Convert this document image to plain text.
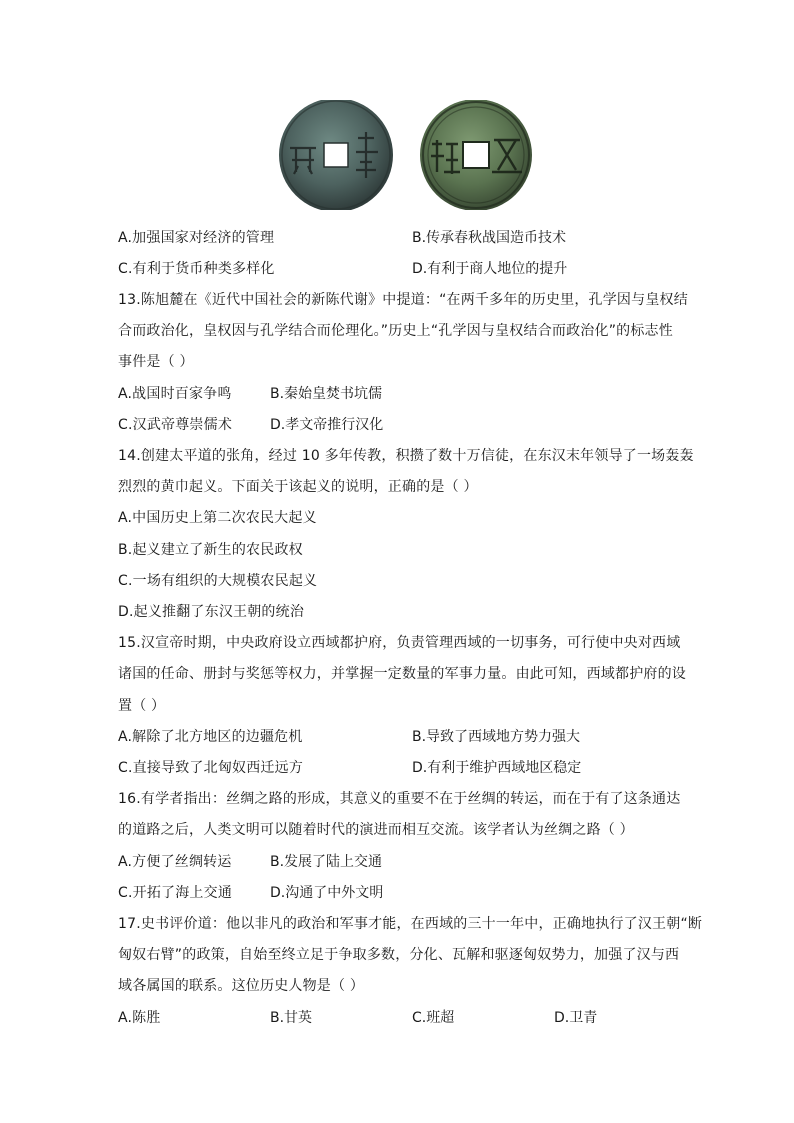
A.加强国家对经济的管理	B.传承春秋战国造币技术
C.有利于货币种类多样化	D.有利于商人地位的提升
13.陈旭麓在《近代中国社会的新陈代谢》中提道：“在两千多年的历史里，孔学因与皇权结
合而政治化，皇权因与孔学结合而伦理化。”历史上“孔学因与皇权结合而政治化”的标志性
事件是（ ）
A.战国时百家争鸣	B.秦始皇焚书坑儒
C.汉武帝尊崇儒术	D.孝文帝推行汉化
14.创建太平道的张角，经过 10 多年传教，积攒了数十万信徒，在东汉末年领导了一场轰轰
烈烈的黄巾起义。下面关于该起义的说明，正确的是（ ）
A.中国历史上第二次农民大起义
B.起义建立了新生的农民政权
C.一场有组织的大规模农民起义
D.起义推翻了东汉王朝的统治
15.汉宣帝时期，中央政府设立西域都护府，负责管理西域的一切事务，可行使中央对西域
诸国的任命、册封与奖惩等权力，并掌握一定数量的军事力量。由此可知，西域都护府的设
置（ ）
A.解除了北方地区的边疆危机	B.导致了西域地方势力强大
C.直接导致了北匈奴西迁远方	D.有利于维护西域地区稳定
16.有学者指出：丝绸之路的形成，其意义的重要不在于丝绸的转运，而在于有了这条通达
的道路之后，人类文明可以随着时代的演进而相互交流。该学者认为丝绸之路（ ）
A.方便了丝绸转运	B.发展了陆上交通
C.开拓了海上交通	D.沟通了中外文明
17.史书评价道：他以非凡的政治和军事才能，在西域的三十一年中，正确地执行了汉王朝“断
匈奴右臂”的政策，自始至终立足于争取多数，分化、瓦解和驱逐匈奴势力，加强了汉与西
域各属国的联系。这位历史人物是（ ）
A.陈胜	B.甘英	C.班超	D.卫青
